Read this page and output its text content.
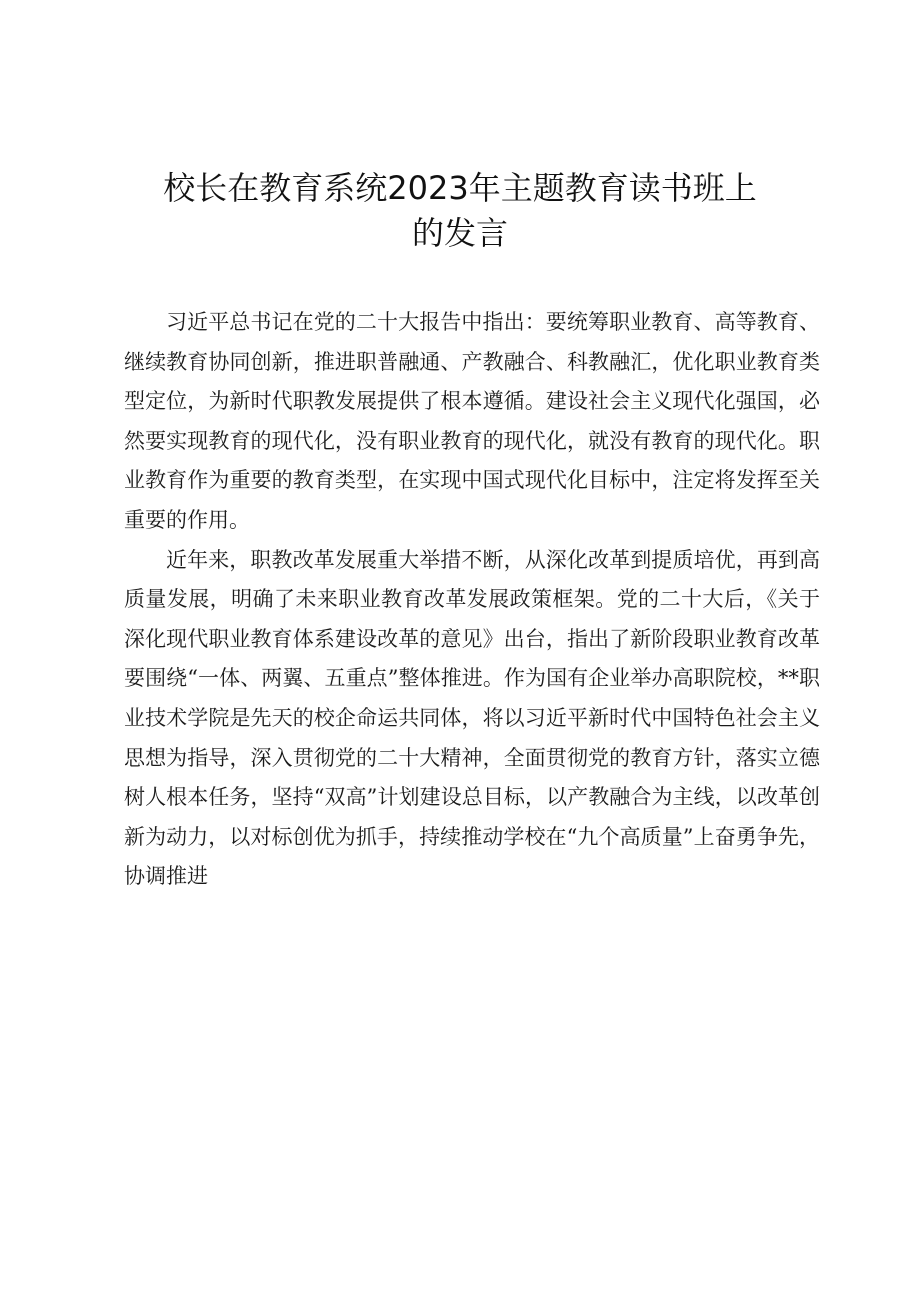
校长在教育系统2023年主题教育读书班上
的发言

习近平总书记在党的二十大报告中指出：要统筹职业教育、高等教育、继续教育协同创新，推进职普融通、产教融合、科教融汇，优化职业教育类型定位，为新时代职教发展提供了根本遵循。建设社会主义现代化强国，必然要实现教育的现代化，没有职业教育的现代化，就没有教育的现代化。职业教育作为重要的教育类型，在实现中国式现代化目标中，注定将发挥至关重要的作用。

近年来，职教改革发展重大举措不断，从深化改革到提质培优，再到高质量发展，明确了未来职业教育改革发展政策框架。党的二十大后，《关于深化现代职业教育体系建设改革的意见》出台，指出了新阶段职业教育改革要围绕“一体、两翼、五重点”整体推进。作为国有企业举办高职院校，**职业技术学院是先天的校企命运共同体，将以习近平新时代中国特色社会主义思想为指导，深入贯彻党的二十大精神，全面贯彻党的教育方针，落实立德树人根本任务，坚持“双高”计划建设总目标，以产教融合为主线，以改革创新为动力，以对标创优为抓手，持续推动学校在“九个高质量”上奋勇争先，协调推进
